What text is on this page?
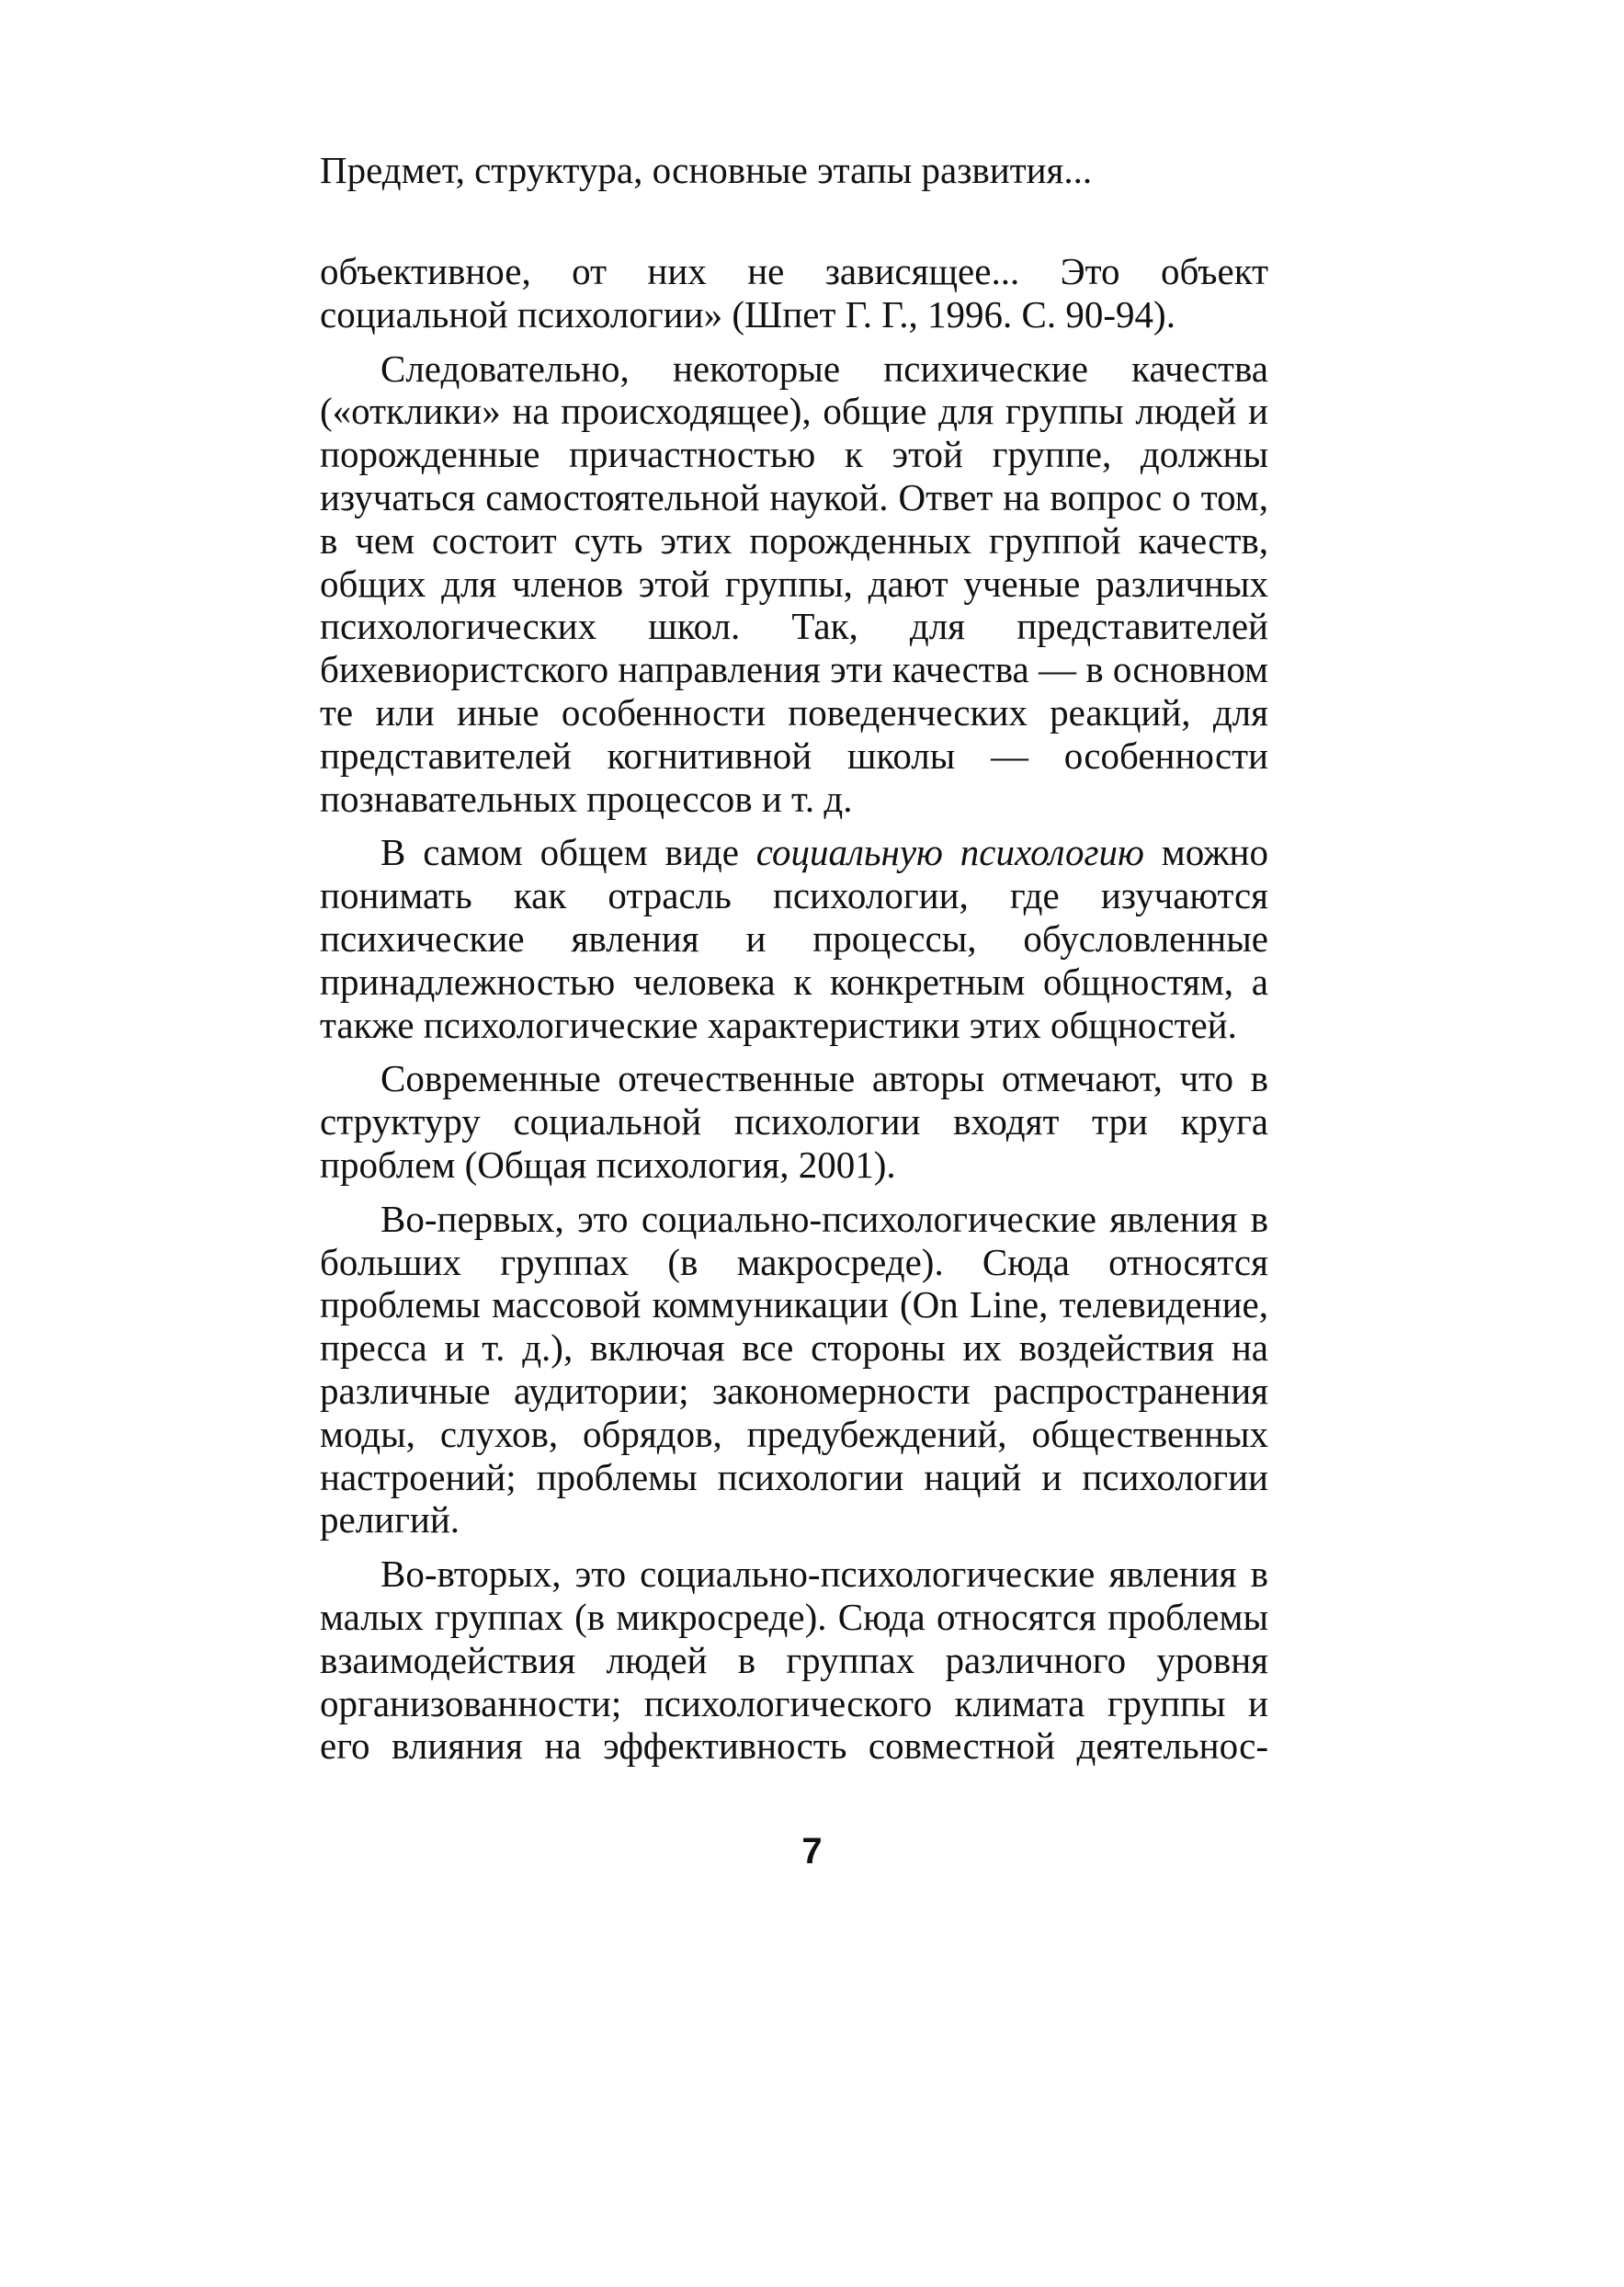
Предмет, структура, основные этапы развития...

объективное, от них не зависящее... Это объект социальной психологии» (Шпет Г. Г., 1996. С. 90-94).

Следовательно, некоторые психические качества («отклики» на происходящее), общие для группы людей и порожденные причастностью к этой группе, должны изучаться самостоятельной наукой. Ответ на вопрос о том, в чем состоит суть этих порожденных группой качеств, общих для членов этой группы, дают ученые различных психологических школ. Так, для представителей бихевиористского направления эти качества — в основном те или иные особенности поведенческих реакций, для представителей когнитивной школы — особенности познавательных процессов и т. д.

В самом общем виде социальную психологию можно понимать как отрасль психологии, где изучаются психические явления и процессы, обусловленные принадлежностью человека к конкретным общностям, а также психологические характеристики этих общностей.

Современные отечественные авторы отмечают, что в структуру социальной психологии входят три круга проблем (Общая психология, 2001).

Во-первых, это социально-психологические явления в больших группах (в макросреде). Сюда относятся проблемы массовой коммуникации (On Line, телевидение, пресса и т. д.), включая все стороны их воздействия на различные аудитории; закономерности распространения моды, слухов, обрядов, предубеждений, общественных настроений; проблемы психологии наций и психологии религий.

Во-вторых, это социально-психологические явления в малых группах (в микросреде). Сюда относятся проблемы взаимодействия людей в группах различного уровня организованности; психологического климата группы и его влияния на эффективность совместной деятельнос-

7
